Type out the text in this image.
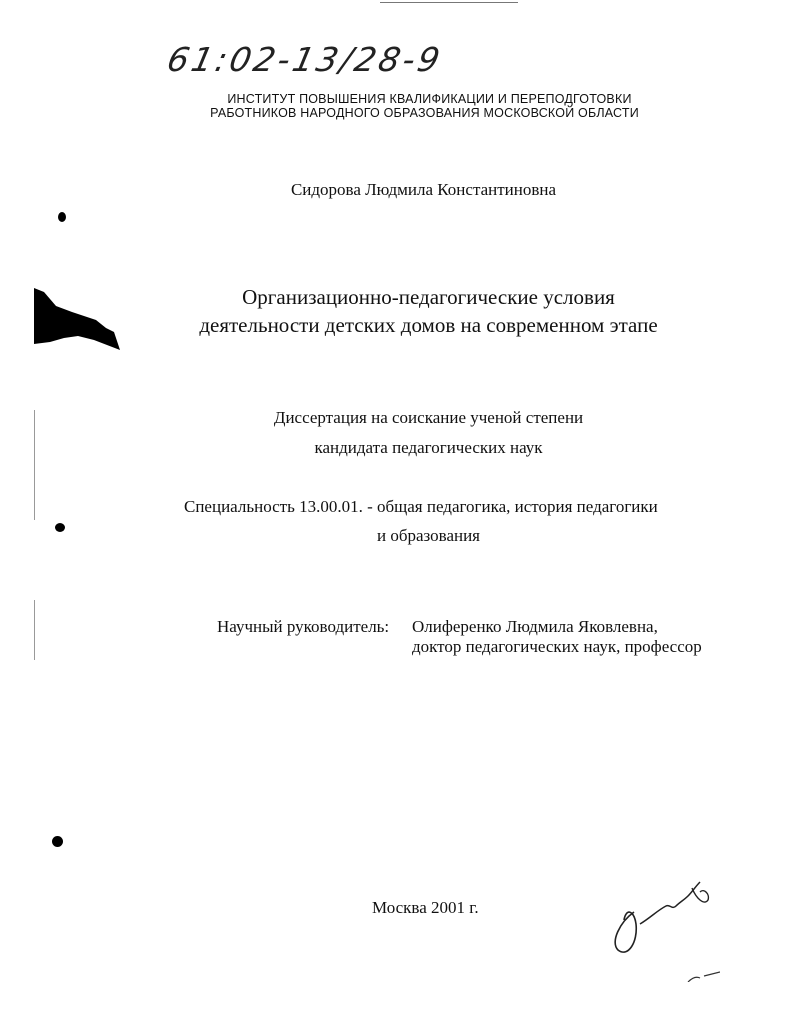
61:02-13/28-9
ИНСТИТУТ ПОВЫШЕНИЯ КВАЛИФИКАЦИИ И ПЕРЕПОДГОТОВКИ
РАБОТНИКОВ НАРОДНОГО ОБРАЗОВАНИЯ МОСКОВСКОЙ ОБЛАСТИ
Сидорова Людмила Константиновна
Организационно-педагогические условия
деятельности детских домов на современном этапе
Диссертация на соискание ученой степени
кандидата педагогических наук
Специальность 13.00.01. - общая педагогика, история педагогики
и образования
Научный руководитель: Олиференко Людмила Яковлевна,
доктор педагогических наук, профессор
Москва 2001 г.
